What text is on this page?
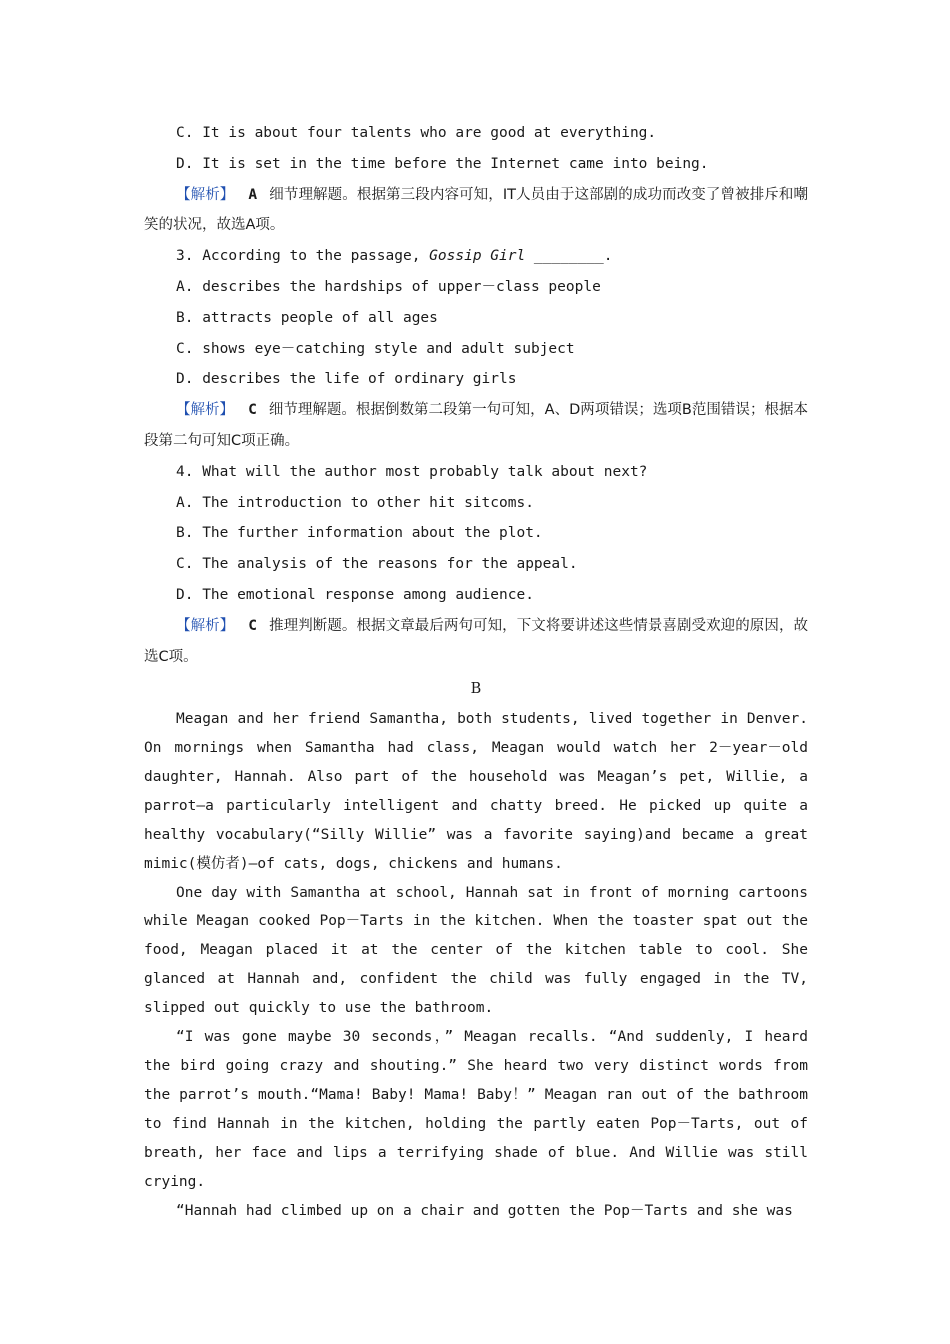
C. It is about four talents who are good at everything.
D. It is set in the time before the Internet came into being.
【解析】 A 细节理解题。根据第三段内容可知，IT人员由于这部剧的成功而改变了曾被排斥和嘲笑的状况，故选A项。
3. According to the passage, Gossip Girl ________.
A. describes the hardships of upper－class people
B. attracts people of all ages
C. shows eye－catching style and adult subject
D. describes the life of ordinary girls
【解析】 C 细节理解题。根据倒数第二段第一句可知，A、D两项错误；选项B范围错误；根据本段第二句可知C项正确。
4. What will the author most probably talk about next?
A. The introduction to other hit sitcoms.
B. The further information about the plot.
C. The analysis of the reasons for the appeal.
D. The emotional response among audience.
【解析】 C 推理判断题。根据文章最后两句可知，下文将要讲述这些情景喜剧受欢迎的原因，故选C项。
B

Meagan and her friend Samantha, both students, lived together in Denver. On mornings when Samantha had class, Meagan would watch her 2－year－old daughter, Hannah. Also part of the household was Meagan’s pet, Willie, a parrot—a particularly intelligent and chatty breed. He picked up quite a healthy vocabulary(“Silly Willie” was a favorite saying)and became a great mimic(模仿者)—of cats, dogs, chickens and humans.

One day with Samantha at school, Hannah sat in front of morning cartoons while Meagan cooked Pop－Tarts in the kitchen. When the toaster spat out the food, Meagan placed it at the center of the kitchen table to cool. She glanced at Hannah and, confident the child was fully engaged in the TV, slipped out quickly to use the bathroom.

“I was gone maybe 30 seconds，” Meagan recalls. “And suddenly, I heard the bird going crazy and shouting.” She heard two very distinct words from the parrot’s mouth.“Mama! Baby! Mama! Baby！” Meagan ran out of the bathroom to find Hannah in the kitchen, holding the partly eaten Pop－Tarts, out of breath, her face and lips a terrifying shade of blue. And Willie was still crying.

“Hannah had climbed up on a chair and gotten the Pop－Tarts and she was
